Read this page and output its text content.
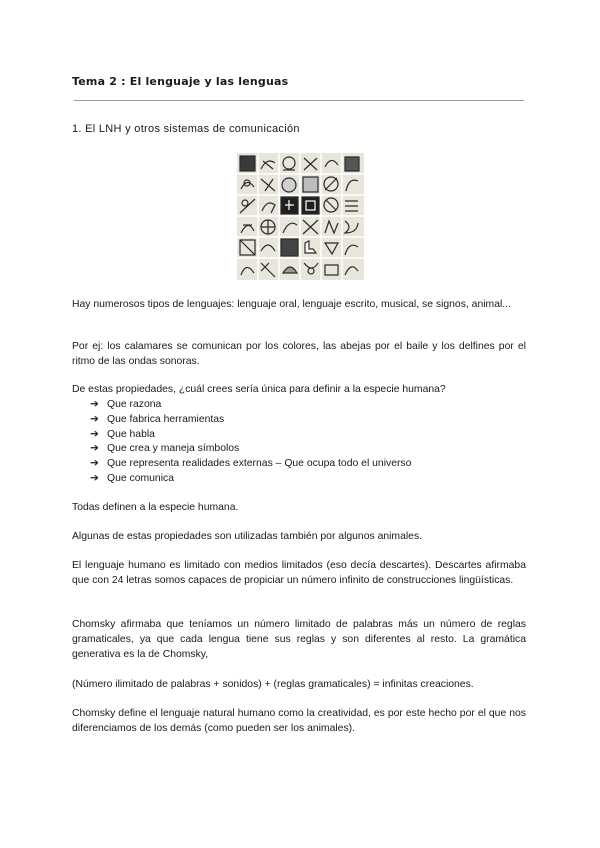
Tema 2 : El lenguaje y las lenguas
1. El LNH y otros sistemas de comunicación

Hay numerosos tipos de lenguajes: lenguaje oral, lenguaje escrito, musical, se signos, animal...

Por ej: los calamares se comunican por los colores, las abejas por el baile y los delfines por el ritmo de las ondas sonoras.

De estas propiedades, ¿cuál crees sería única para definir a la especie humana?

➔ Que razona
➔ Que fabrica herramientas
➔ Que habla
➔ Que crea y maneja símbolos
➔ Que representa realidades externas – Que ocupa todo el universo
➔ Que comunica

Todas definen a la especie humana.

Algunas de estas propiedades son utilizadas también por algunos animales.

El lenguaje humano es limitado con medios limitados (eso decía descartes). Descartes afirmaba que con 24 letras somos capaces de propiciar un número infinito de construcciones lingüísticas.

Chomsky afirmaba que teníamos un número limitado de palabras más un número de reglas gramaticales, ya que cada lengua tiene sus reglas y son diferentes al resto. La gramática generativa es la de Chomsky,

(Número ilimitado de palabras + sonidos) + (reglas gramaticales) = infinitas creaciones.

Chomsky define el lenguaje natural humano como la creatividad, es por este hecho por el que nos diferenciamos de los demás (como pueden ser los animales).
